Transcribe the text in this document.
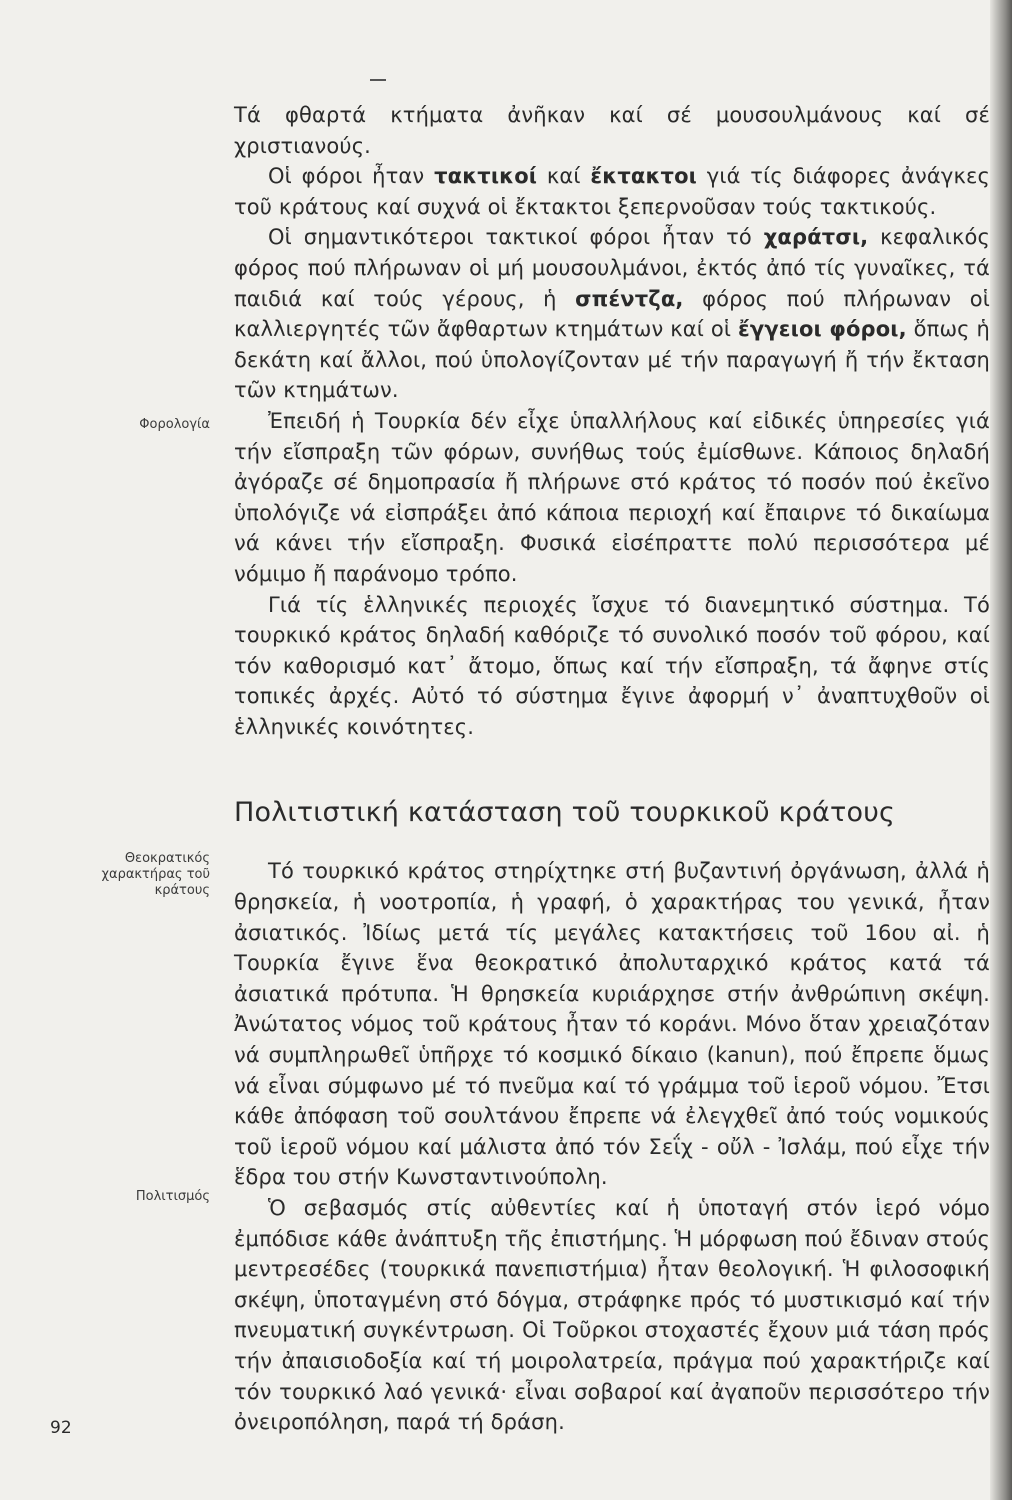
Φορολογία
Θεοκρατικός χαρακτήρας τοῦ κράτους
Πολιτισμός

Τά φθαρτά κτήματα ἀνῆκαν καί σέ μουσουλμάνους καί σέ χριστιανούς.

Οἱ φόροι ἦταν τακτικοί καί ἔκτακτοι γιά τίς διάφορες ἀνάγκες τοῦ κράτους καί συχνά οἱ ἔκτακτοι ξεπερνοῦσαν τούς τακτικούς.

Οἱ σημαντικότεροι τακτικοί φόροι ἦταν τό χαράτσι, κεφαλικός φόρος πού πλήρωναν οἱ μή μουσουλμάνοι, ἐκτός ἀπό τίς γυναῖκες, τά παιδιά καί τούς γέρους, ἡ σπέντζα, φόρος πού πλήρωναν οἱ καλλιεργητές τῶν ἄφθαρτων κτημάτων καί οἱ ἔγγειοι φόροι, ὅπως ἡ δεκάτη καί ἄλλοι, πού ὑπολογίζονταν μέ τήν παραγωγή ἤ τήν ἔκταση τῶν κτημάτων.

Ἐπειδή ἡ Τουρκία δέν εἶχε ὑπαλλήλους καί εἰδικές ὑπηρεσίες γιά τήν εἴσπραξη τῶν φόρων, συνήθως τούς ἐμίσθωνε. Κάποιος δηλαδή ἀγόραζε σέ δημοπρασία ἤ πλήρωνε στό κράτος τό ποσόν πού ἐκεῖνο ὑπολόγιζε νά εἰσπράξει ἀπό κάποια περιοχή καί ἔπαιρνε τό δικαίωμα νά κάνει τήν εἴσπραξη. Φυσικά εἰσέπραττε πολύ περισσότερα μέ νόμιμο ἤ παράνομο τρόπο.

Γιά τίς ἑλληνικές περιοχές ἴσχυε τό διανεμητικό σύστημα. Τό τουρκικό κράτος δηλαδή καθόριζε τό συνολικό ποσόν τοῦ φόρου, καί τόν καθορισμό κατ᾽ ἄτομο, ὅπως καί τήν εἴσπραξη, τά ἄφηνε στίς τοπικές ἀρχές. Αὐτό τό σύστημα ἔγινε ἀφορμή ν᾽ ἀναπτυχθοῦν οἱ ἑλληνικές κοινότητες.

Πολιτιστική κατάσταση τοῦ τουρκικοῦ κράτους

Τό τουρκικό κράτος στηρίχτηκε στή βυζαντινή ὀργάνωση, ἀλλά ἡ θρησκεία, ἡ νοοτροπία, ἡ γραφή, ὁ χαρακτήρας του γενικά, ἦταν ἀσιατικός. Ἰδίως μετά τίς μεγάλες κατακτήσεις τοῦ 16ου αἰ. ἡ Τουρκία ἔγινε ἕνα θεοκρατικό ἀπολυταρχικό κράτος κατά τά ἀσιατικά πρότυπα. Ἡ θρησκεία κυριάρχησε στήν ἀνθρώπινη σκέψη. Ἀνώτατος νόμος τοῦ κράτους ἦταν τό κοράνι. Μόνο ὅταν χρειαζόταν νά συμπληρωθεῖ ὑπῆρχε τό κοσμικό δίκαιο (kanun), πού ἔπρεπε ὅμως νά εἶναι σύμφωνο μέ τό πνεῦμα καί τό γράμμα τοῦ ἱεροῦ νόμου. Ἔτσι κάθε ἀπόφαση τοῦ σουλτάνου ἔπρεπε νά ἐλεγχθεῖ ἀπό τούς νομικούς τοῦ ἱεροῦ νόμου καί μάλιστα ἀπό τόν Σεΐχ - οὔλ - Ἰσλάμ, πού εἶχε τήν ἕδρα του στήν Κωνσταντινούπολη.

Ὁ σεβασμός στίς αὐθεντίες καί ἡ ὑποταγή στόν ἱερό νόμο ἐμπόδισε κάθε ἀνάπτυξη τῆς ἐπιστήμης. Ἡ μόρφωση πού ἔδιναν στούς μεντρεσέδες (τουρκικά πανεπιστήμια) ἦταν θεολογική. Ἡ φιλοσοφική σκέψη, ὑποταγμένη στό δόγμα, στράφηκε πρός τό μυστικισμό καί τήν πνευματική συγκέντρωση. Οἱ Τοῦρκοι στοχαστές ἔχουν μιά τάση πρός τήν ἀπαισιοδοξία καί τή μοιρολατρεία, πράγμα πού χαρακτήριζε καί τόν τουρκικό λαό γενικά· εἶναι σοβαροί καί ἀγαποῦν περισσότερο τήν ὀνειροπόληση, παρά τή δράση.

92
